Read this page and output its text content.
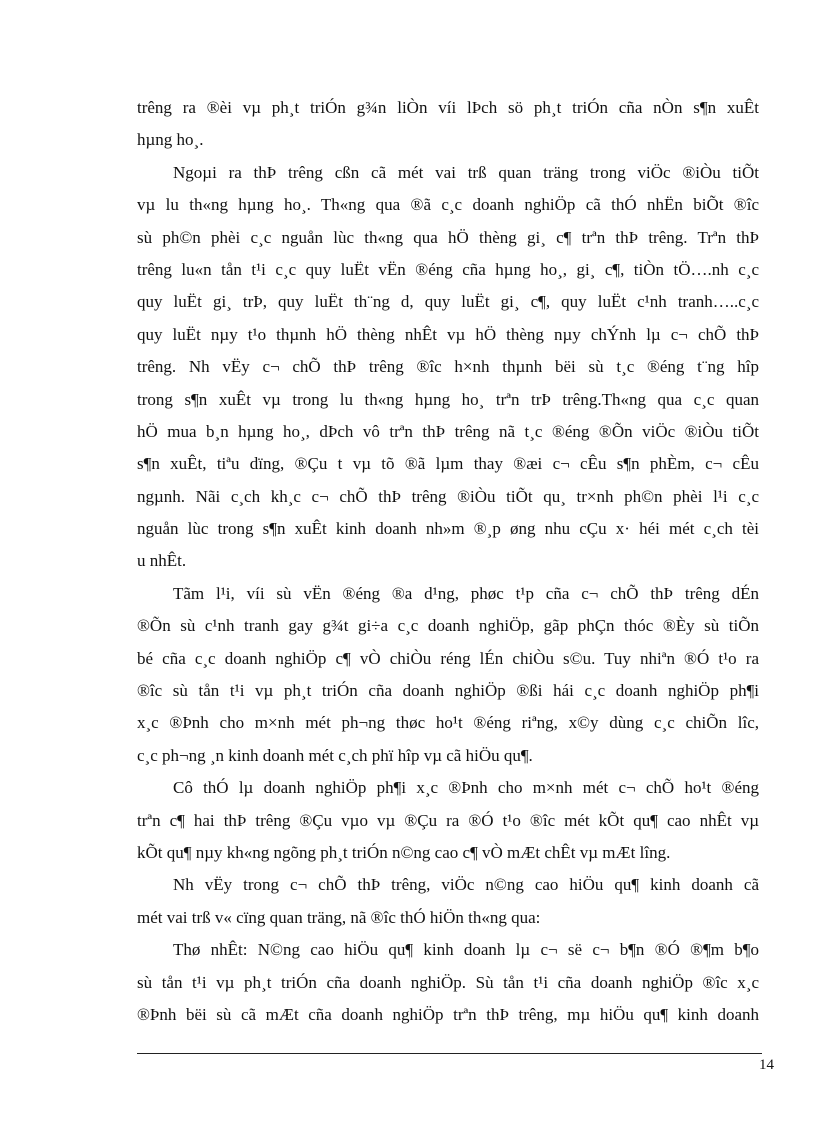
trêng ra ®èi vµ ph¸t triÓn g¾n liÒn víi lÞch sö ph¸t triÓn cña nÒn s¶n xuÊt
hµng ho¸.
Ngoµi ra thÞ trêng cßn cã mét vai trß quan träng trong viÖc ®iÒu tiÕt
vµ lu th«ng hµng ho¸. Th«ng qua ®ã c¸c doanh nghiÖp cã thÓ nhËn biÕt ®îc
sù ph©n phèi c¸c nguån lùc th«ng qua hÖ thèng gi¸ c¶ trªn thÞ trêng. Trªn thÞ
trêng lu«n tån t¹i c¸c quy luËt vËn ®éng cña hµng ho¸, gi¸ c¶, tiÒn tÖ….nh c¸c
quy luËt gi¸ trÞ, quy luËt th¨ng d, quy luËt gi¸ c¶, quy luËt c¹nh tranh…..c¸c
quy luËt nµy t¹o thµnh hÖ thèng nhÊt vµ hÖ thèng nµy chÝnh lµ c¬ chÕ thÞ
trêng. Nh vËy c¬ chÕ thÞ trêng ®îc h×nh thµnh bëi sù t¸c ®éng t¨ng hîp
trong s¶n xuÊt vµ trong lu th«ng hµng ho¸ trªn trÞ trêng.Th«ng qua c¸c quan
hÖ mua b¸n hµng ho¸, dÞch vô trªn thÞ trêng nã t¸c ®éng ®Õn viÖc ®iÒu tiÕt
s¶n xuÊt, tiªu dïng, ®Çu t vµ tõ ®ã lµm thay ®æi c¬ cÊu s¶n phÈm, c¬ cÊu
ngµnh. Nãi c¸ch kh¸c c¬ chÕ thÞ trêng ®iÒu tiÕt qu¸ tr×nh ph©n phèi l¹i c¸c
nguån lùc trong s¶n xuÊt kinh doanh nh»m ®¸p øng nhu cÇu x· héi mét c¸ch tèi
u nhÊt.
Tãm l¹i, víi sù vËn ®éng ®a d¹ng, phøc t¹p cña c¬ chÕ thÞ trêng dÉn
®Õn sù c¹nh tranh gay g¾t gi÷a c¸c doanh nghiÖp, gãp phÇn thóc ®Èy sù tiÕn
bé cña c¸c doanh nghiÖp c¶ vÒ chiÒu réng lÉn chiÒu s©u. Tuy nhiªn ®Ó t¹o ra
®îc sù tån t¹i vµ ph¸t triÓn cña doanh nghiÖp ®ßi hái c¸c doanh nghiÖp ph¶i
x¸c ®Þnh cho m×nh mét ph¬ng thøc ho¹t ®éng riªng, x©y dùng c¸c chiÕn lîc,
c¸c ph¬ng ¸n kinh doanh mét c¸ch phï hîp vµ cã hiÖu qu¶.
Cô thÓ lµ doanh nghiÖp ph¶i x¸c ®Þnh cho m×nh mét c¬ chÕ ho¹t ®éng
trªn c¶ hai thÞ trêng ®Çu vµo vµ ®Çu ra ®Ó t¹o ®îc mét kÕt qu¶ cao nhÊt vµ
kÕt qu¶ nµy kh«ng ngõng ph¸t triÓn n©ng cao c¶ vÒ mÆt chÊt vµ mÆt lîng.
Nh vËy trong c¬ chÕ thÞ trêng, viÖc n©ng cao hiÖu qu¶ kinh doanh cã
mét vai trß v« cïng quan träng, nã ®îc thÓ hiÖn th«ng qua:
Thø nhÊt: N©ng cao hiÖu qu¶ kinh doanh lµ c¬ së c¬ b¶n ®Ó ®¶m b¶o
sù tån t¹i vµ ph¸t triÓn cña doanh nghiÖp. Sù tån t¹i cña doanh nghiÖp ®îc x¸c
®Þnh bëi sù cã mÆt cña doanh nghiÖp trªn thÞ trêng, mµ hiÖu qu¶ kinh doanh
14
